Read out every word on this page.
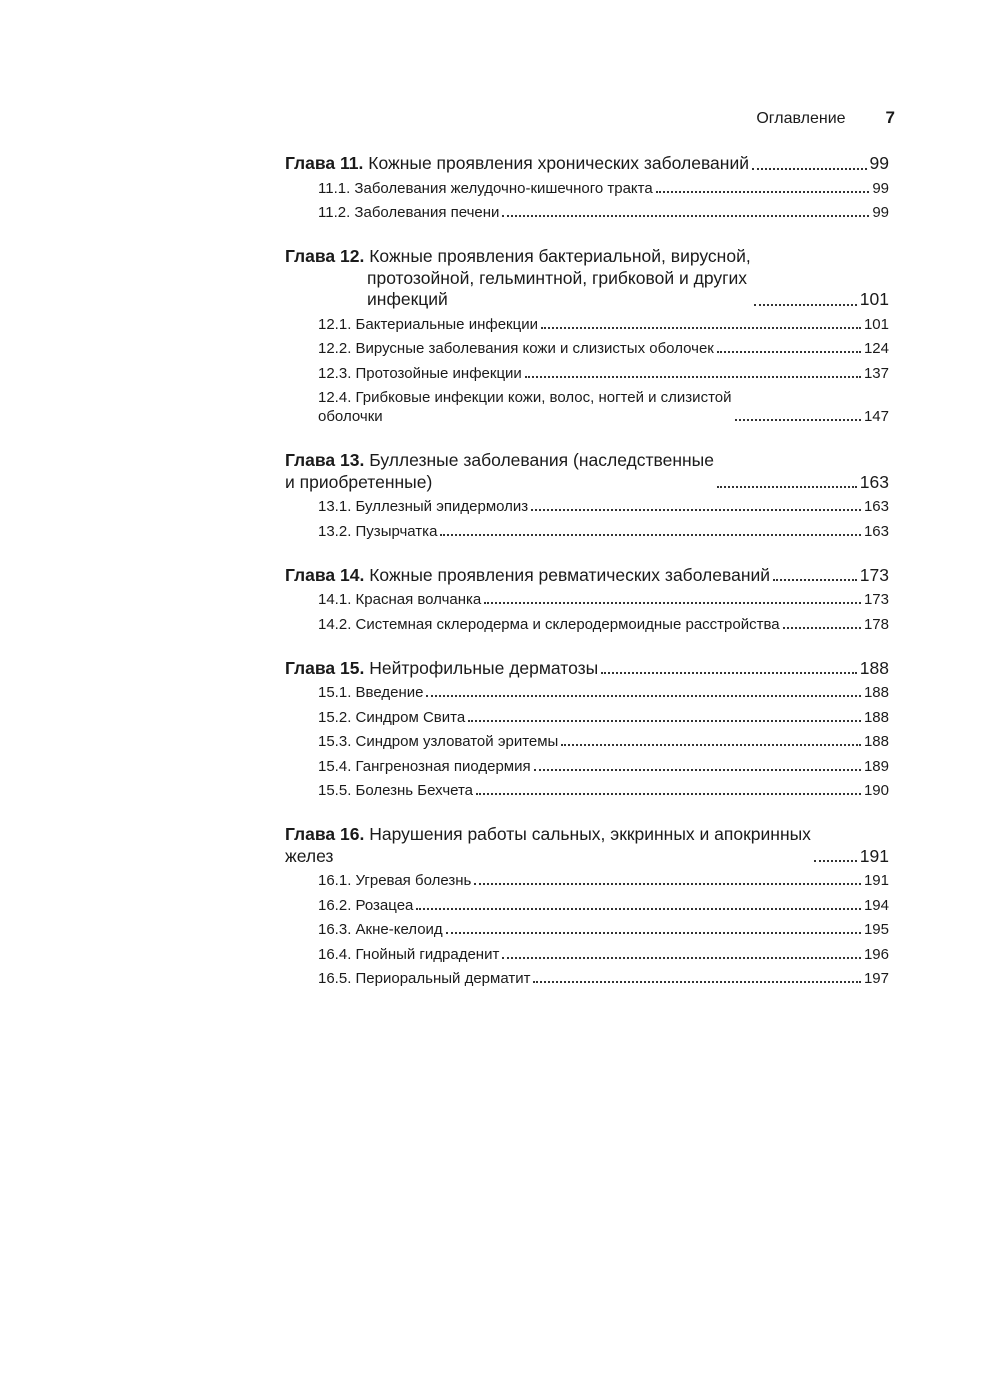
Оглавление 7
Глава 11. Кожные проявления хронических заболеваний	99
11.1. Заболевания желудочно-кишечного тракта	99
11.2. Заболевания печени	99
Глава 12. Кожные проявления бактериальной, вирусной,
протозойной, гельминтной, грибковой и других
инфекций	101
12.1. Бактериальные инфекции	101
12.2. Вирусные заболевания кожи и слизистых оболочек	124
12.3. Протозойные инфекции	137
12.4. Грибковые инфекции кожи, волос, ногтей и слизистой
оболочки	147
Глава 13. Буллезные заболевания (наследственные
и приобретенные)	163
13.1. Буллезный эпидермолиз	163
13.2. Пузырчатка	163
Глава 14. Кожные проявления ревматических заболеваний	173
14.1. Красная волчанка	173
14.2. Системная склеродерма и склеродермоидные расстройства	178
Глава 15. Нейтрофильные дерматозы	188
15.1. Введение	188
15.2. Синдром Свита	188
15.3. Синдром узловатой эритемы	188
15.4. Гангренозная пиодермия	189
15.5. Болезнь Бехчета	190
Глава 16. Нарушения работы сальных, эккринных и апокринных
желез	191
16.1. Угревая болезнь	191
16.2. Розацеа	194
16.3. Акне-келоид	195
16.4. Гнойный гидраденит	196
16.5. Периоральный дерматит	197
